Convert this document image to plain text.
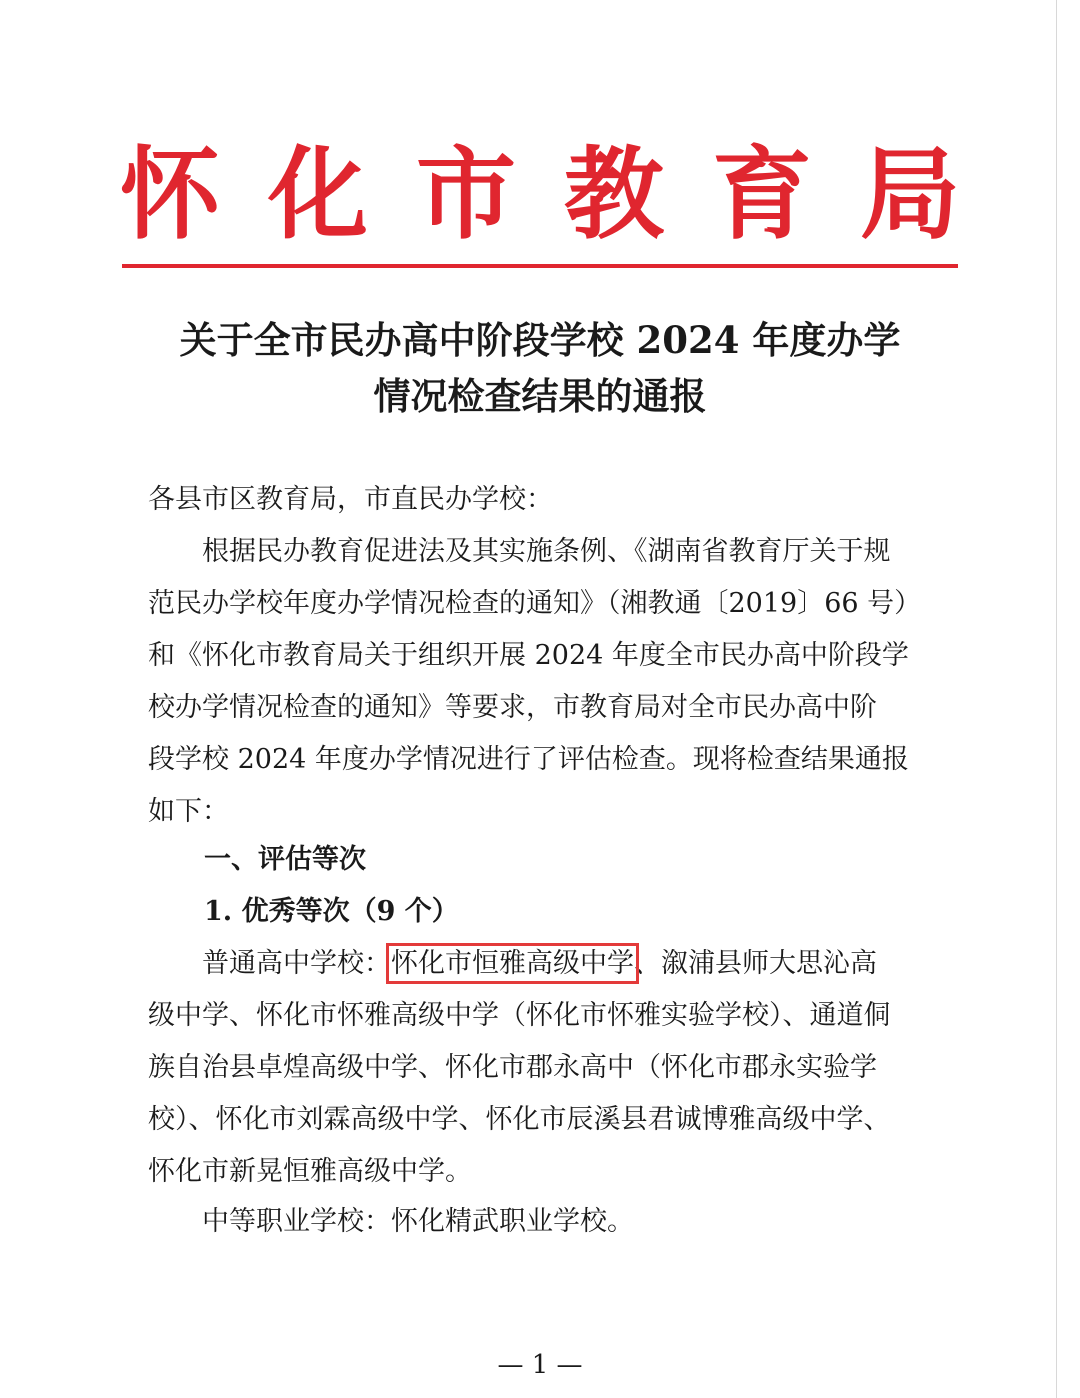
怀 化 市 教 育 局
关于全市民办高中阶段学校 2024 年度办学
情况检查结果的通报
各县市区教育局，市直民办学校：
　　根据民办教育促进法及其实施条例、《湖南省教育厅关于规
范民办学校年度办学情况检查的通知》（湘教通〔2019〕66 号）
和《怀化市教育局关于组织开展 2024 年度全市民办高中阶段学
校办学情况检查的通知》等要求，市教育局对全市民办高中阶
段学校 2024 年度办学情况进行了评估检查。现将检查结果通报
如下：
一、评估等次
1. 优秀等次（9 个）
　　普通高中学校：怀化市恒雅高级中学、溆浦县师大思沁高
级中学、怀化市怀雅高级中学（怀化市怀雅实验学校）、通道侗
族自治县卓煌高级中学、怀化市郡永高中（怀化市郡永实验学
校）、怀化市刘霖高级中学、怀化市辰溪县君诚博雅高级中学、
怀化市新晃恒雅高级中学。
　　中等职业学校：怀化精武职业学校。
— 1 —
